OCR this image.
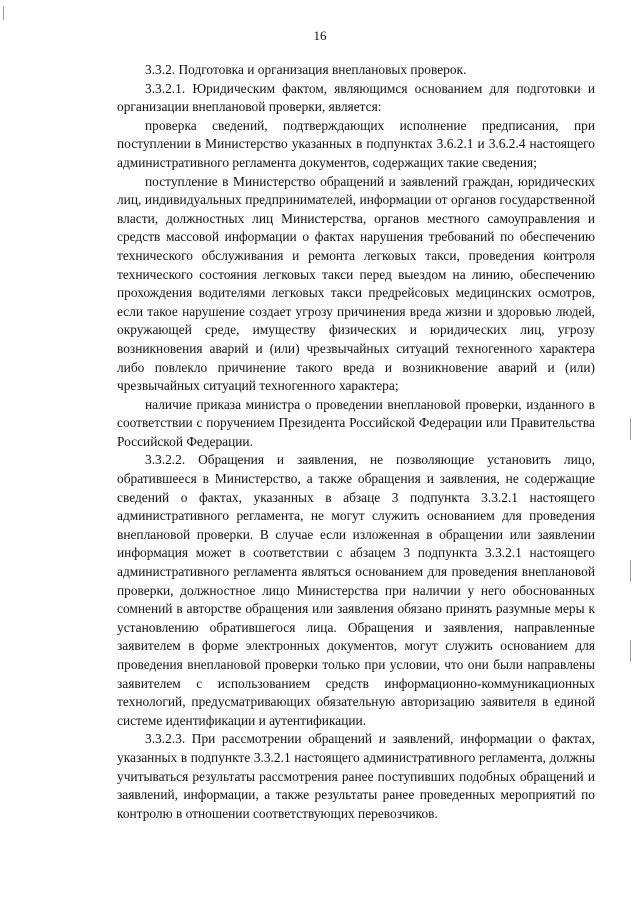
16

3.3.2. Подготовка и организация внеплановых проверок.

3.3.2.1. Юридическим фактом, являющимся основанием для подготовки и организации внеплановой проверки, является:

проверка сведений, подтверждающих исполнение предписания, при поступлении в Министерство указанных в подпунктах 3.6.2.1 и 3.6.2.4 настоящего административного регламента документов, содержащих такие сведения;

поступление в Министерство обращений и заявлений граждан, юридических лиц, индивидуальных предпринимателей, информации от органов государственной власти, должностных лиц Министерства, органов местного самоуправления и средств массовой информации о фактах нарушения требований по обеспечению технического обслуживания и ремонта легковых такси, проведения контроля технического состояния легковых такси перед выездом на линию, обеспечению прохождения водителями легковых такси предрейсовых медицинских осмотров, если такое нарушение создает угрозу причинения вреда жизни и здоровью людей, окружающей среде, имуществу физических и юридических лиц, угрозу возникновения аварий и (или) чрезвычайных ситуаций техногенного характера либо повлекло причинение такого вреда и возникновение аварий и (или) чрезвычайных ситуаций техногенного характера;

наличие приказа министра о проведении внеплановой проверки, изданного в соответствии с поручением Президента Российской Федерации или Правительства Российской Федерации.

3.3.2.2. Обращения и заявления, не позволяющие установить лицо, обратившееся в Министерство, а также обращения и заявления, не содержащие сведений о фактах, указанных в абзаце 3 подпункта 3.3.2.1 настоящего административного регламента, не могут служить основанием для проведения внеплановой проверки. В случае если изложенная в обращении или заявлении информация может в соответствии с абзацем 3 подпункта 3.3.2.1 настоящего административного регламента являться основанием для проведения внеплановой проверки, должностное лицо Министерства при наличии у него обоснованных сомнений в авторстве обращения или заявления обязано принять разумные меры к установлению обратившегося лица. Обращения и заявления, направленные заявителем в форме электронных документов, могут служить основанием для проведения внеплановой проверки только при условии, что они были направлены заявителем с использованием средств информационно-коммуникационных технологий, предусматривающих обязательную авторизацию заявителя в единой системе идентификации и аутентификации.

3.3.2.3. При рассмотрении обращений и заявлений, информации о фактах, указанных в подпункте 3.3.2.1 настоящего административного регламента, должны учитываться результаты рассмотрения ранее поступивших подобных обращений и заявлений, информации, а также результаты ранее проведенных мероприятий по контролю в отношении соответствующих перевозчиков.
